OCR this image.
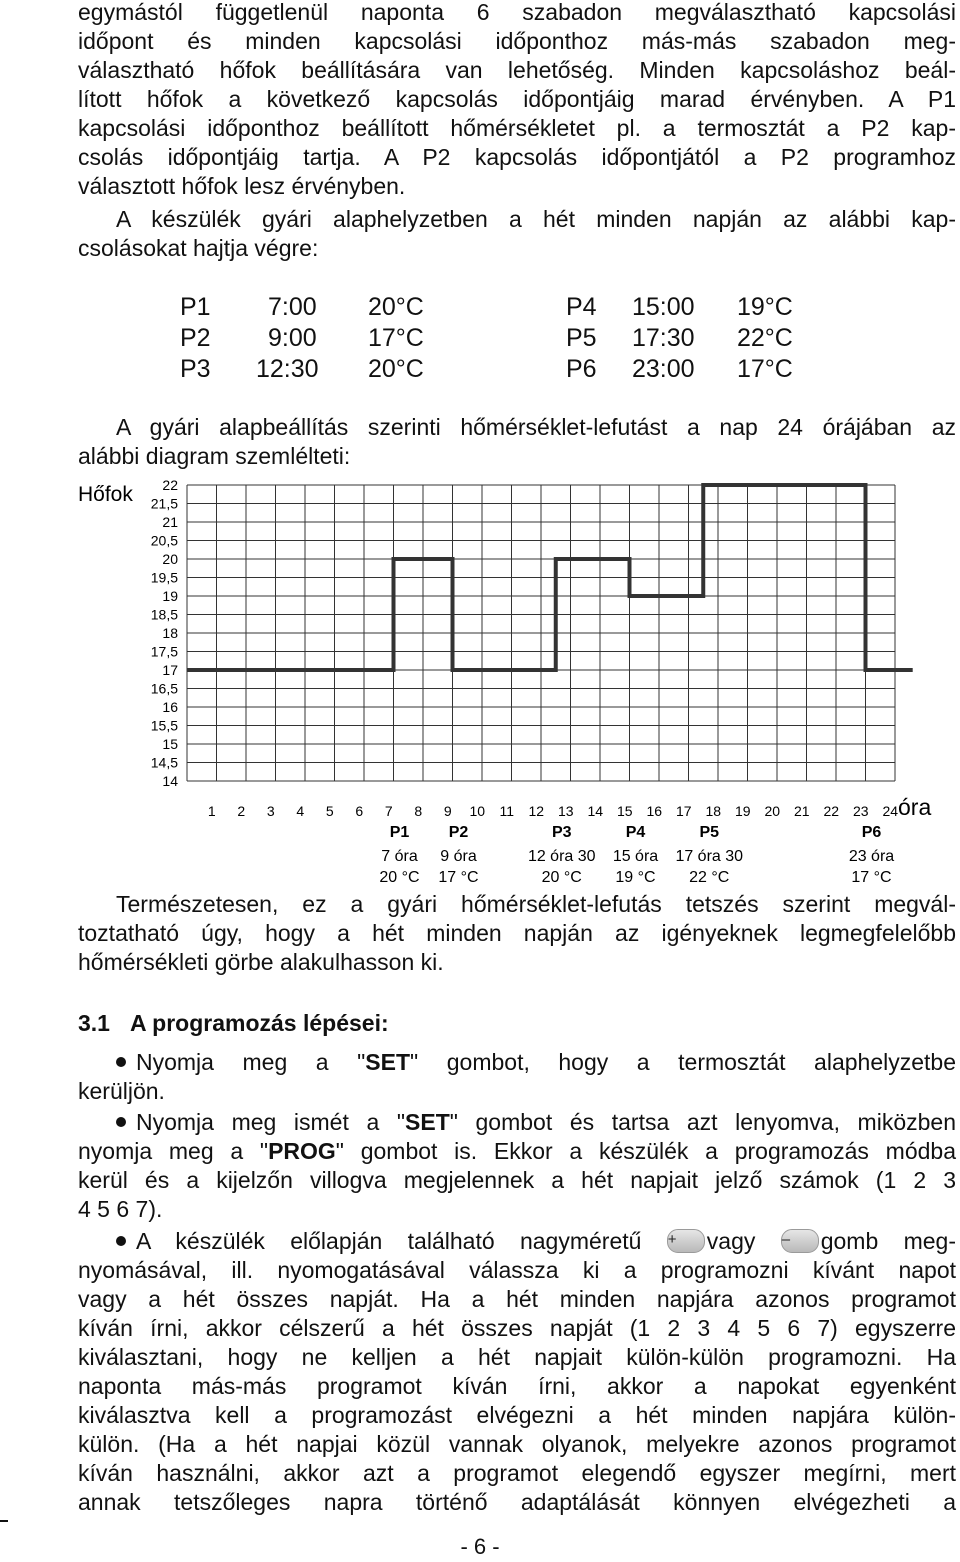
egymástól függetlenül naponta 6 szabadon megválasztható kapcsolási
időpont és minden kapcsolási időponthoz más-más szabadon meg-
választható hőfok beállítására van lehetőség. Minden kapcsoláshoz beál-
lított hőfok a következő kapcsolás időpontjáig marad érvényben. A P1
kapcsolási időponthoz beállított hőmérsékletet pl. a termosztát a P2 kap-
csolás időpontjáig tartja. A P2 kapcsolás időpontjától a P2 programhoz
választott hőfok lesz érvényben.
A készülék gyári alaphelyzetben a hét minden napján az alábbi kap-
csolásokat hajtja végre:
P1 7:00 20°C
P2 9:00 17°C
P3 12:30 20°C
P4 15:00 19°C
P5 17:30 22°C
P6 23:00 17°C
A gyári alapbeállítás szerinti hőmérséklet-lefutást a nap 24 órájában az
alábbi diagram szemlélteti:
22
21,5
21
20,5
20
19,5
19
18,5
18
17,5
17
16,5
16
15,5
15
14,5
14
1 2 3 4 5 6 7 8 9 10 11 12 13 14 15 16 17 18 19 20 21 22 23 24
P1
7 óra
20 °C
P2
9 óra
17 °C
P3
12 óra 30
20 °C
P4
15 óra
19 °C
P5
17 óra 30
22 °C
P6
23 óra
17 °C
Hőfok
óra
Természetesen, ez a gyári hőmérséklet-lefutás tetszés szerint megvál-
toztatható úgy, hogy a hét minden napján az igényeknek legmegfelelőbb
hőmérsékleti görbe alakulhasson ki.
3.1 A programozás lépései:
Nyomja meg a "SET" gombot, hogy a termosztát alaphelyzetbe
kerüljön.
Nyomja meg ismét a "SET" gombot és tartsa azt lenyomva, miközben
nyomja meg a "PROG" gombot is. Ekkor a készülék a programozás módba
kerül és a kijelzőn villogva megjelennek a hét napjait jelző számok (1 2 3
4 5 6 7).
A készülék előlapján található nagyméretű + vagy – gomb meg-
nyomásával, ill. nyomogatásával válassza ki a programozni kívánt napot
vagy a hét összes napját. Ha a hét minden napjára azonos programot
kíván írni, akkor célszerű a hét összes napját (1 2 3 4 5 6 7) egyszerre
kiválasztani, hogy ne kelljen a hét napjait külön-külön programozni. Ha
naponta más-más programot kíván írni, akkor a napokat egyenként
kiválasztva kell a programozást elvégezni a hét minden napjára külön-
külön. (Ha a hét napjai közül vannak olyanok, melyekre azonos programot
kíván használni, akkor azt a programot elegendő egyszer megírni, mert
annak tetszőleges napra történő adaptálását könnyen elvégezheti a
- 6 -
